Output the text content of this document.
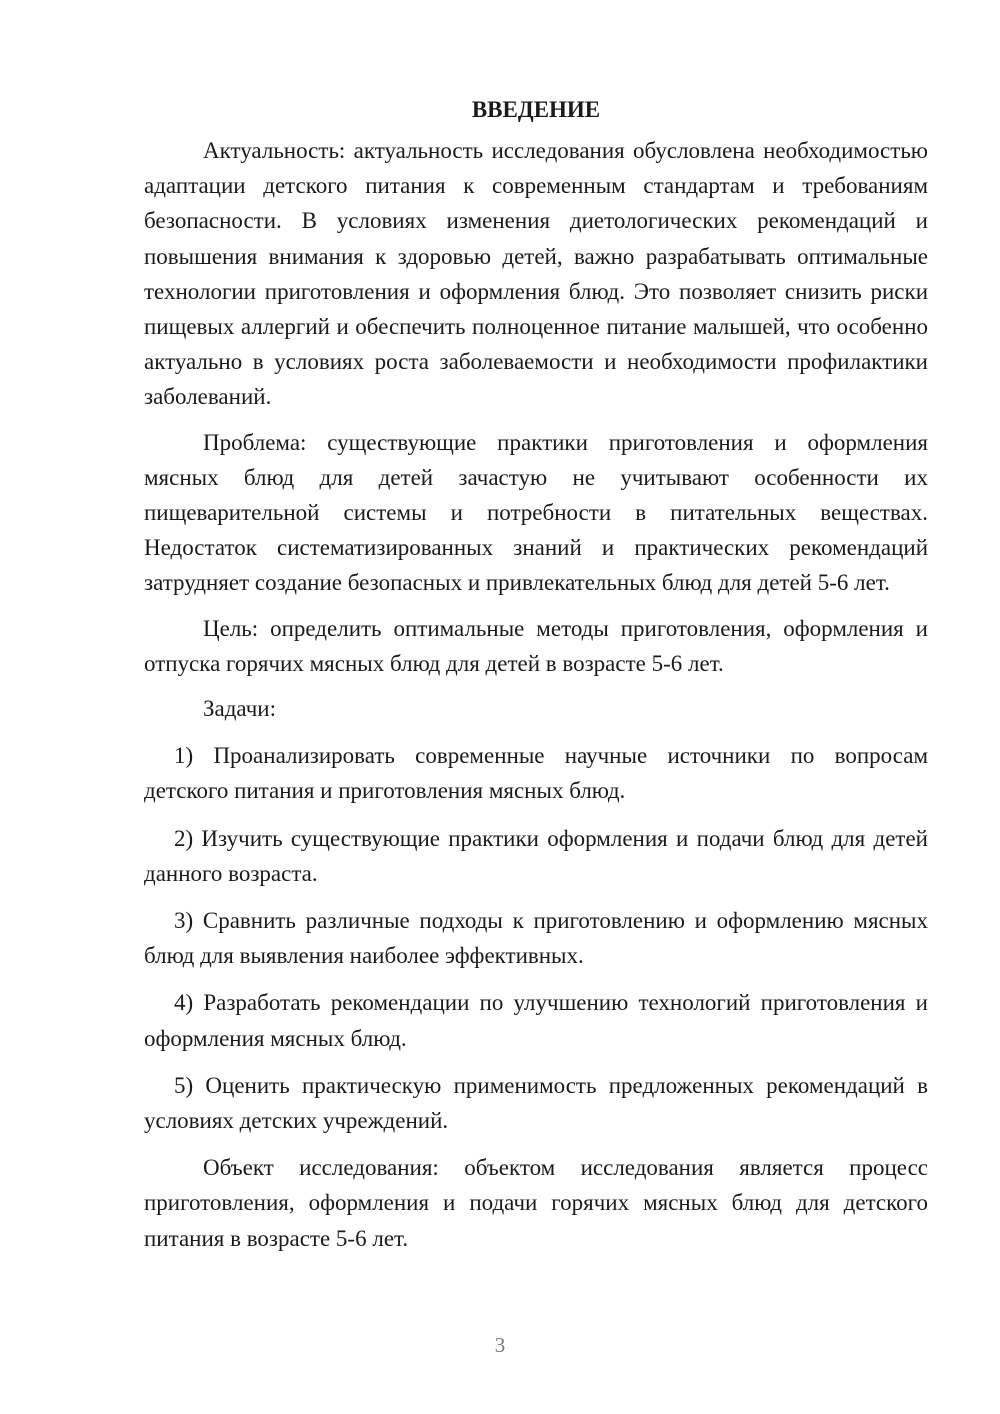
ВВЕДЕНИЕ

Актуальность: актуальность исследования обусловлена необходимостью адаптации детского питания к современным стандартам и требованиям безопасности. В условиях изменения диетологических рекомендаций и повышения внимания к здоровью детей, важно разрабатывать оптимальные технологии приготовления и оформления блюд. Это позволяет снизить риски пищевых аллергий и обеспечить полноценное питание малышей, что особенно актуально в условиях роста заболеваемости и необходимости профилактики заболеваний.

Проблема: существующие практики приготовления и оформления мясных блюд для детей зачастую не учитывают особенности их пищеварительной системы и потребности в питательных веществах. Недостаток систематизированных знаний и практических рекомендаций затрудняет создание безопасных и привлекательных блюд для детей 5-6 лет.

Цель: определить оптимальные методы приготовления, оформления и отпуска горячих мясных блюд для детей в возрасте 5-6 лет.

Задачи:

1) Проанализировать современные научные источники по вопросам детского питания и приготовления мясных блюд.

2) Изучить существующие практики оформления и подачи блюд для детей данного возраста.

3) Сравнить различные подходы к приготовлению и оформлению мясных блюд для выявления наиболее эффективных.

4) Разработать рекомендации по улучшению технологий приготовления и оформления мясных блюд.

5) Оценить практическую применимость предложенных рекомендаций в условиях детских учреждений.

Объект исследования: объектом исследования является процесс приготовления, оформления и подачи горячих мясных блюд для детского питания в возрасте 5-6 лет.

3
